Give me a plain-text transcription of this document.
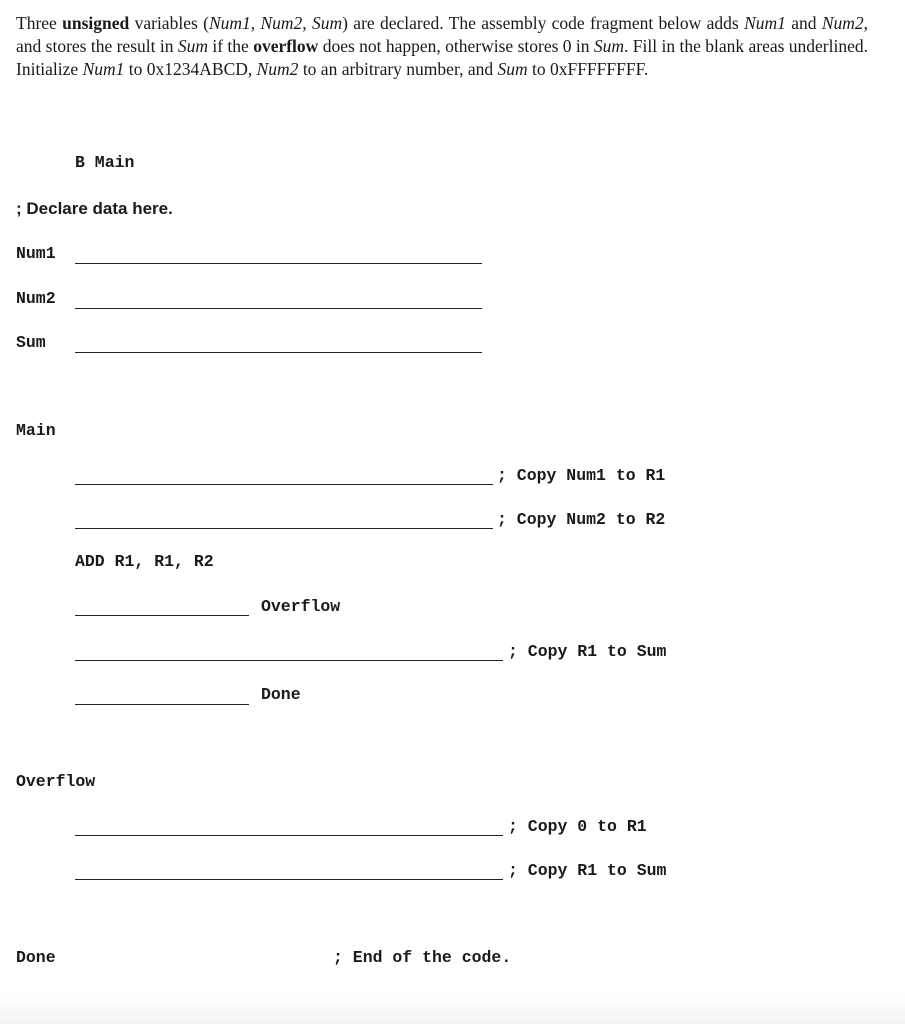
Three unsigned variables (Num1, Num2, Sum) are declared. The assembly code fragment below adds Num1 and Num2, and stores the result in Sum if the overflow does not happen, otherwise stores 0 in Sum. Fill in the blank areas underlined. Initialize Num1 to 0x1234ABCD, Num2 to an arbitrary number, and Sum to 0xFFFFFFFF.

B Main
; Declare data here.
Num1
Num2
Sum
Main
; Copy Num1 to R1
; Copy Num2 to R2
ADD R1, R1, R2
Overflow
; Copy R1 to Sum
Done
Overflow
; Copy 0 to R1
; Copy R1 to Sum
Done	; End of the code.
